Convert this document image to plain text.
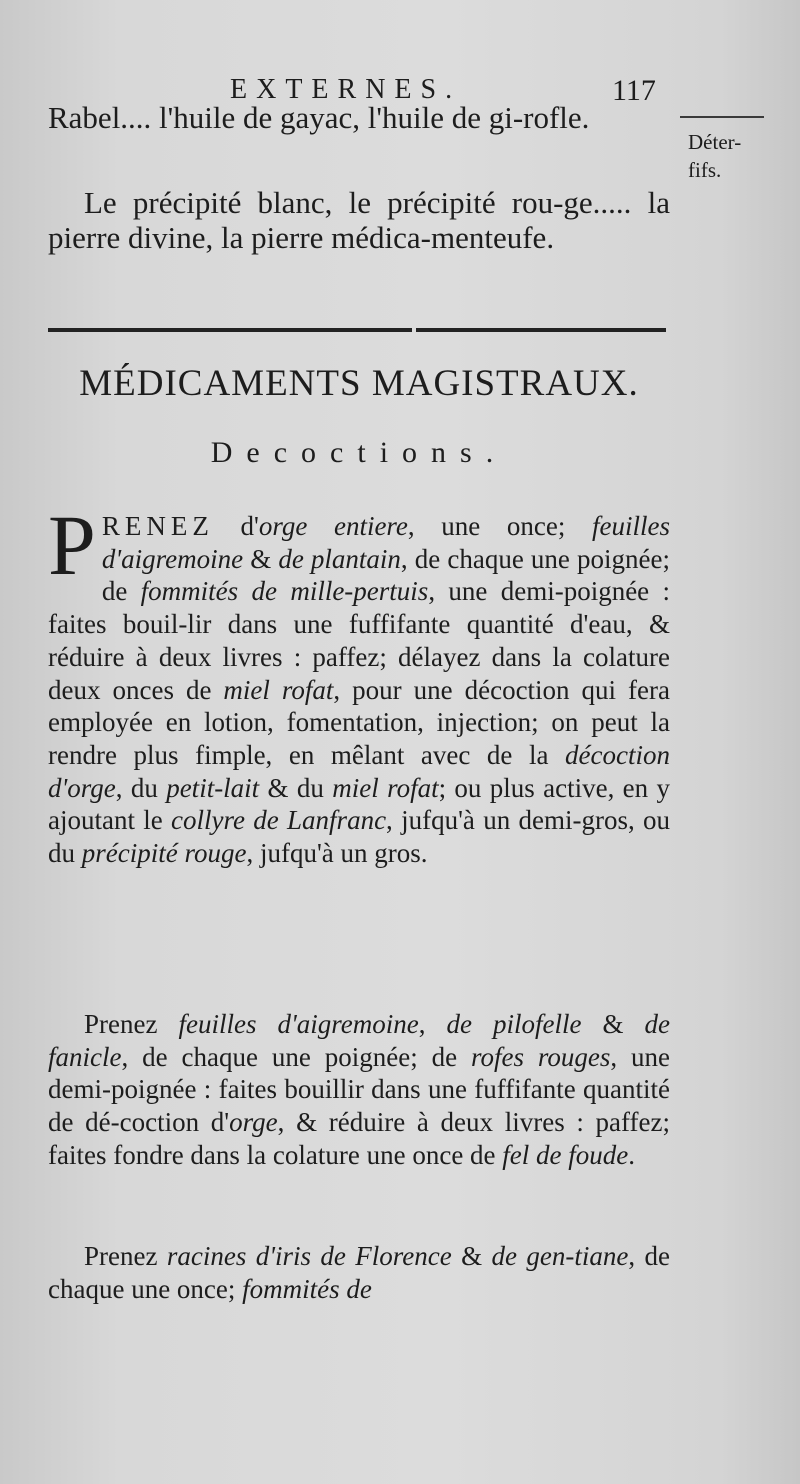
EXTERNES.	117
Déter-
fifs.

Rabel.... l'huile de gayac, l'huile de gi-rofle.

Le précipité blanc, le précipité rou-ge..... la pierre divine, la pierre médica-menteufe.

MÉDICAMENTS MAGISTRAUX.
Decoctions.

PRENEZ d'orge entiere, une once; feuilles d'aigremoine & de plantain, de chaque une poignée; de fommités de mille-pertuis, une demi-poignée : faites bouil-lir dans une fuffifante quantité d'eau, & réduire à deux livres : paffez; délayez dans la colature deux onces de miel rofat, pour une décoction qui fera employée en lotion, fomentation, injection; on peut la rendre plus fimple, en mêlant avec de la décoction d'orge, du petit-lait & du miel rofat; ou plus active, en y ajoutant le collyre de Lanfranc, jufqu'à un demi-gros, ou du précipité rouge, jufqu'à un gros.

Prenez feuilles d'aigremoine, de pilofelle & de fanicle, de chaque une poignée; de rofes rouges, une demi-poignée : faites bouillir dans une fuffifante quantité de dé-coction d'orge, & réduire à deux livres : paffez; faites fondre dans la colature une once de fel de foude.

Prenez racines d'iris de Florence & de gen-tiane, de chaque une once; fommités de
